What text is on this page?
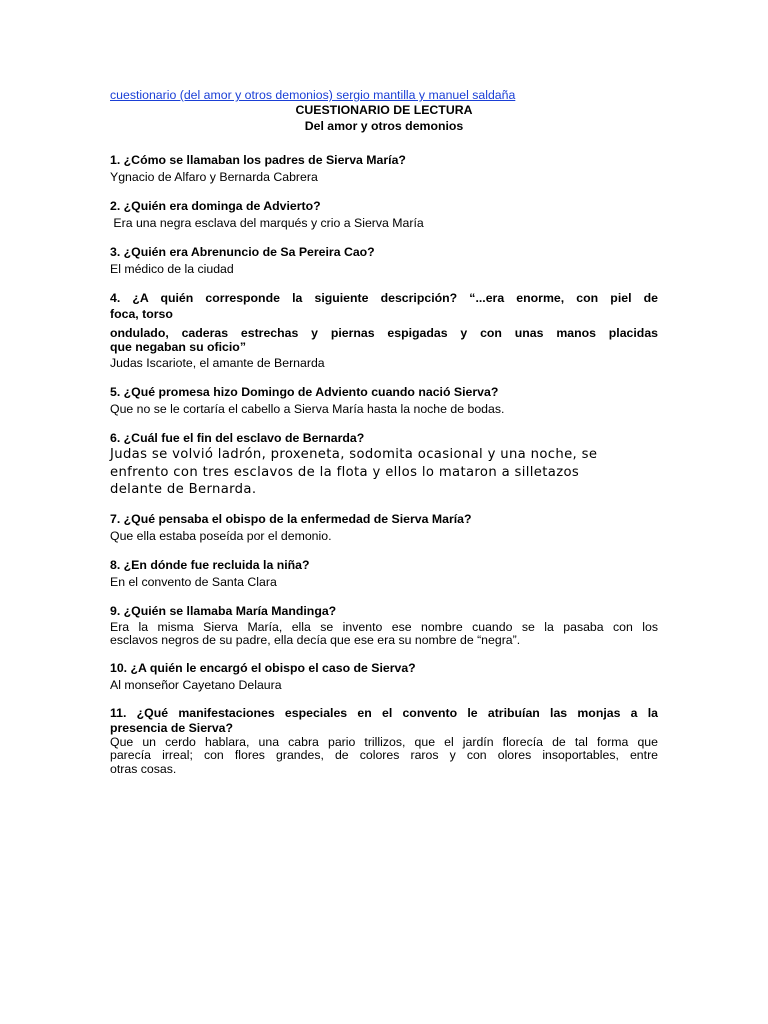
cuestionario (del amor y otros demonios) sergio mantilla y manuel saldaña
CUESTIONARIO DE LECTURA
Del amor y otros demonios

1. ¿Cómo se llamaban los padres de Sierva María?

Ygnacio de Alfaro y Bernarda Cabrera

2. ¿Quién era dominga de Advierto?

Era una negra esclava del marqués y crio a Sierva María

3. ¿Quién era Abrenuncio de Sa Pereira Cao?

El médico de la ciudad

4. ¿A quién corresponde la siguiente descripción? “...era enorme, con piel de

foca, torso

ondulado, caderas estrechas y piernas espigadas y con unas manos placidas

que negaban su oficio”

Judas Iscariote, el amante de Bernarda

5. ¿Qué promesa hizo Domingo de Adviento cuando nació Sierva?

Que no se le cortaría el cabello a Sierva María hasta la noche de bodas.

6. ¿Cuál fue el fin del esclavo de Bernarda?

Judas se volvió ladrón, proxeneta, sodomita ocasional y una noche, se

enfrento con tres esclavos de la flota y ellos lo mataron a silletazos

delante de Bernarda.

7. ¿Qué pensaba el obispo de la enfermedad de Sierva María?

Que ella estaba poseída por el demonio.

8. ¿En dónde fue recluida la niña?

En el convento de Santa Clara

9. ¿Quién se llamaba María Mandinga?

Era la misma Sierva María, ella se invento ese nombre cuando se la pasaba con los

esclavos negros de su padre, ella decía que ese era su nombre de “negra”.

10. ¿A quién le encargó el obispo el caso de Sierva?

Al monseñor Cayetano Delaura

11. ¿Qué manifestaciones especiales en el convento le atribuían las monjas a la

presencia de Sierva?

Que un cerdo hablara, una cabra pario trillizos, que el jardín florecía de tal forma que

parecía irreal; con flores grandes, de colores raros y con olores insoportables, entre

otras cosas.
